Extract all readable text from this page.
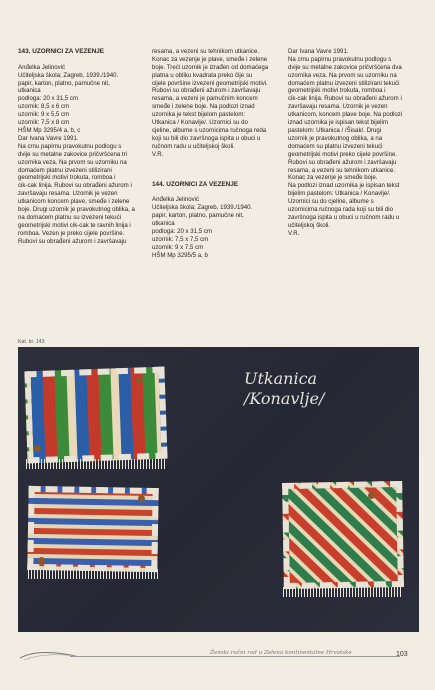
143. UZORNICI ZA VEZENJE

Anđelka Jelinović
Učiteljska škola; Zagreb, 1939./1940.
papir, karton, platno, pamučne nit,
utkanica
podloga: 20 x 31,5 cm
uzornik: 8,5 x 6 cm
uzornik: 9 x 5,5 cm
uzornik: 7,5 x 8 cm
HŠM Mp 3295/4 a, b, c
Dar Ivana Vavre 1991.
Na crnu papirnu pravokutnu podlogu s
dvije su metalne zakovice pričvršćena tri
uzornika veza. Na prvom su uzorniku na
domaćem platnu izvezeni stilizirani
geometrijski motivi trokuta, romboa i
cik-cak linija. Rubovi su obrađeni ažurom i
završavaju resama. Uzornik je vezen
utkanicom koncem plave, smeđe i zelene
boje. Drugi uzornik je pravokutnog oblika, a
na domaćem platnu su izvezeni tekući
geometrijski motivi cik-cak te ravnih linija i
romboa. Vezen je preko cijele površine.
Rubovi su obrađeni ažurom i završavaju

resama, a vezeni su tehnikom utkanice.
Konac za vezenje je plave, smeđe i zelene
boje. Treći uzornik je izrađen od domaćega
platna u obliku kvadrata preko čije su
cijele površine izvezeni geometrijski motivi.
Rubovi su obrađeni ažurom i završavaju
resama, a vezeni je pamučnim koncem
smeđe i zelene boje. Na podlozi iznad
uzornika je tekst bijelom pastelom:
Utkanica / Konavlje/. Uzornici su do
cjeline, albume s uzornicima ručnoga reda
koji su bili dio završnoga ispita u obuci u
ručnom radu u učiteljskoj školi.
V.R.

144. UZORNICI ZA VEZENJE

Anđelka Jelinović
Učiteljska škola; Zagreb, 1939./1940.
papir, karton, platno, pamučne nit,
utkanica
podloga: 20 x 31,5 cm
uzornik: 7,5 x 7,5 cm
uzornik: 9 x 7,5 cm
HŠM Mp 3295/5 a, b

Dar Ivana Vavre 1991.
Na crnu papirnu pravokutnu podlogu s
dvije su metalne zakovice pričvršćena dva
uzornika veza. Na prvom su uzorniku na
domaćem platnu izvezeni stilizirani tekući
geometrijski motivi trokuta, romboa i
cik-cak linija. Rubovi su obrađeni ažurom i
završavaju resama. Uzornik je vezen
utkanicom, koncem plave boje. Na podlozi
iznad uzornika je ispisan tekst bijelim
pastelom: Utkanica / /Šisak/. Drugi
uzornik je pravokutnog oblika, a na
domaćem su platnu izvezeni tekući
geometrijski motivi preko cijele površine.
Rubovi su obrađeni ažurom i završavaju
resama, a vezeni su tehnikom utkanice.
Konac za vezenje je smeđe boje.
Na podlozi iznad uzornika je ispisan tekst
bijelim pastelom: Utkanica / Konavlje/.
Uzornici su do cjeline, albume s
uzornicima ručnoga rada koji su bili dio
završnoga ispita u obuci u ručnom radu u
učiteljskoj školi.
V.R.

Kat. br. 143
Utkanica
/Konavlje/
Ženski ručni rad u Zelena kontinentalne Hrvatske	103
